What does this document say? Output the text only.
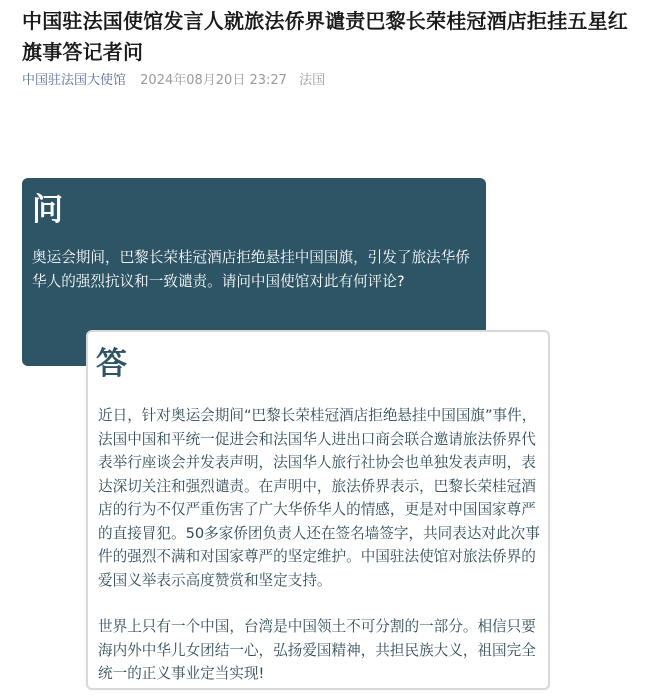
中国驻法国使馆发言人就旅法侨界谴责巴黎长荣桂冠酒店拒挂五星红旗事答记者问
中国驻法国大使馆 2024年08月20日 23:27 法国
问
奥运会期间，巴黎长荣桂冠酒店拒绝悬挂中国国旗，引发了旅法华侨华人的强烈抗议和一致谴责。请问中国使馆对此有何评论?
答

近日，针对奥运会期间“巴黎长荣桂冠酒店拒绝悬挂中国国旗”事件，法国中国和平统一促进会和法国华人进出口商会联合邀请旅法侨界代表举行座谈会并发表声明，法国华人旅行社协会也单独发表声明，表达深切关注和强烈谴责。在声明中，旅法侨界表示，巴黎长荣桂冠酒店的行为不仅严重伤害了广大华侨华人的情感，更是对中国国家尊严的直接冒犯。50多家侨团负责人还在签名墙签字，共同表达对此次事件的强烈不满和对国家尊严的坚定维护。中国驻法使馆对旅法侨界的爱国义举表示高度赞赏和坚定支持。

世界上只有一个中国，台湾是中国领土不可分割的一部分。相信只要海内外中华儿女团结一心，弘扬爱国精神，共担民族大义，祖国完全统一的正义事业定当实现!
